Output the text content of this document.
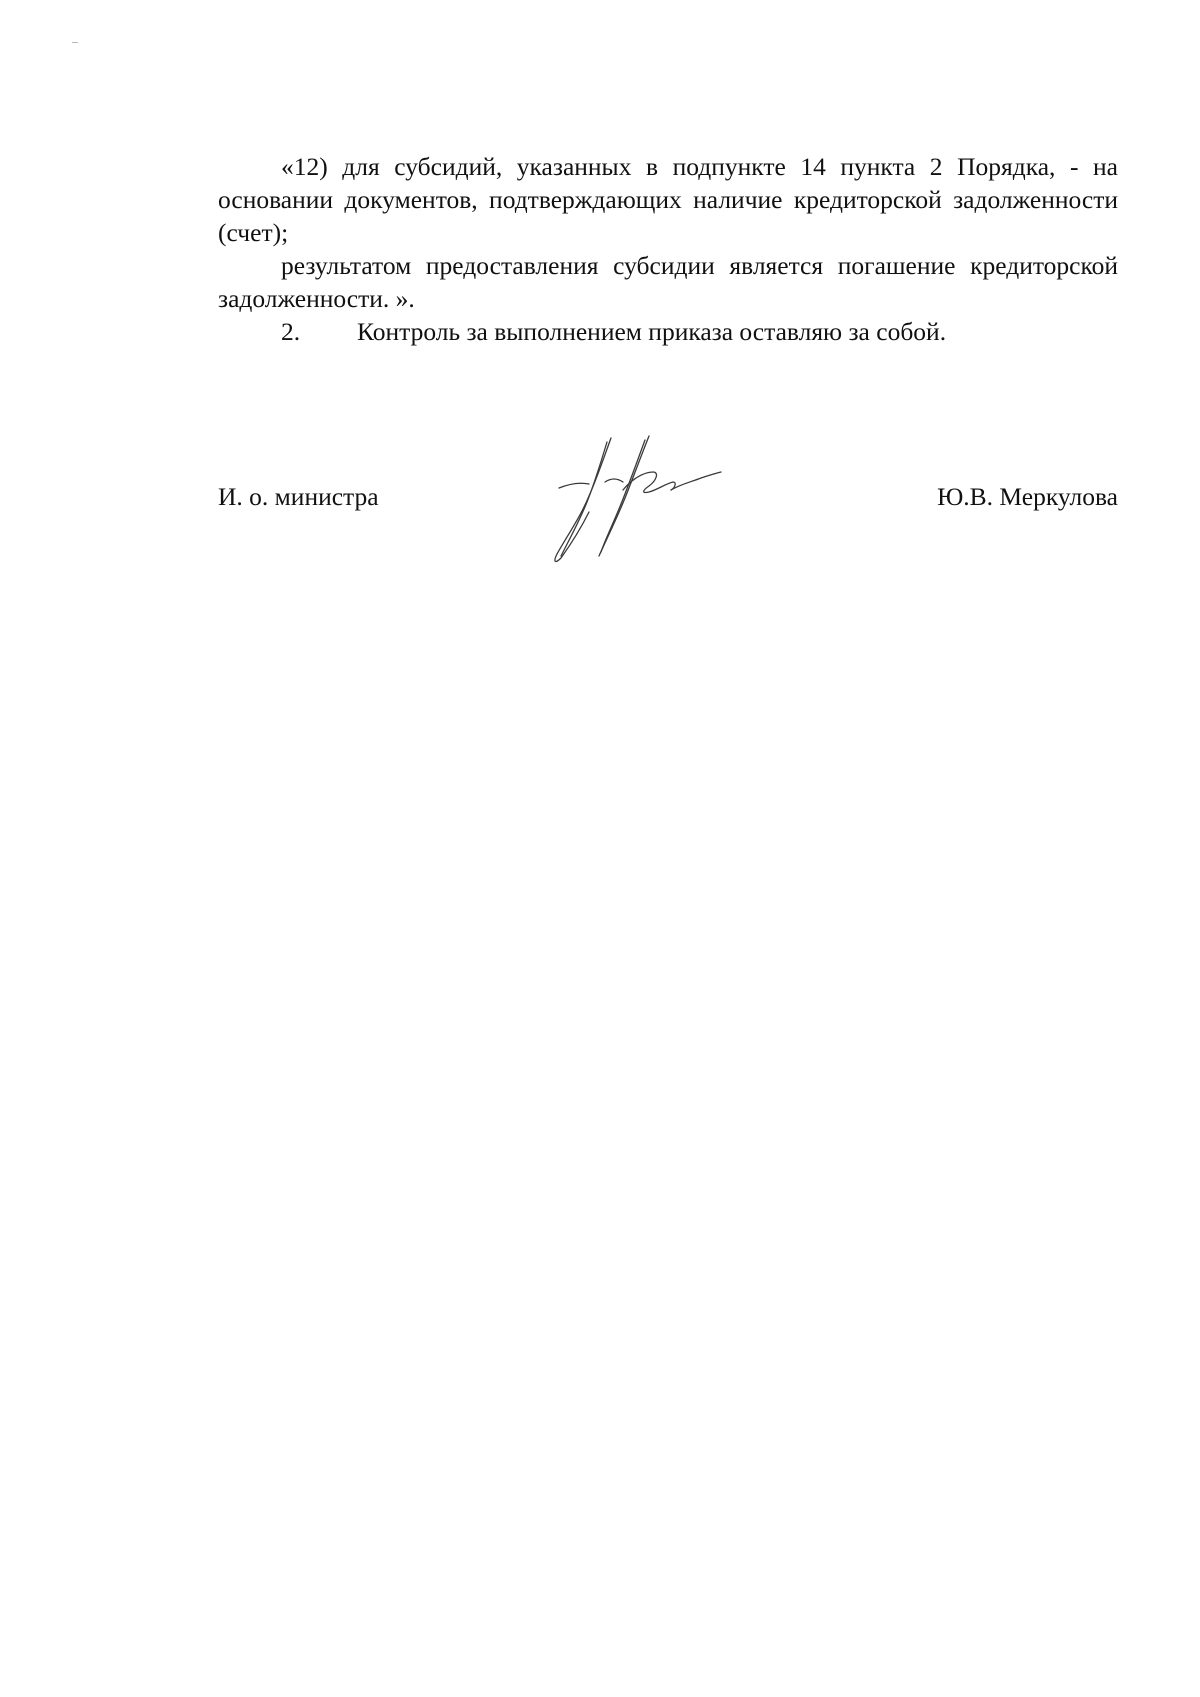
«12) для субсидий, указанных в подпункте 14 пункта 2 Порядка, - на основании документов, подтверждающих наличие кредиторской задолженности (счет);

результатом предоставления субсидии является погашение кредиторской задолженности. ».

2.	Контроль за выполнением приказа оставляю за собой.

И. о. министра	Ю.В. Меркулова
